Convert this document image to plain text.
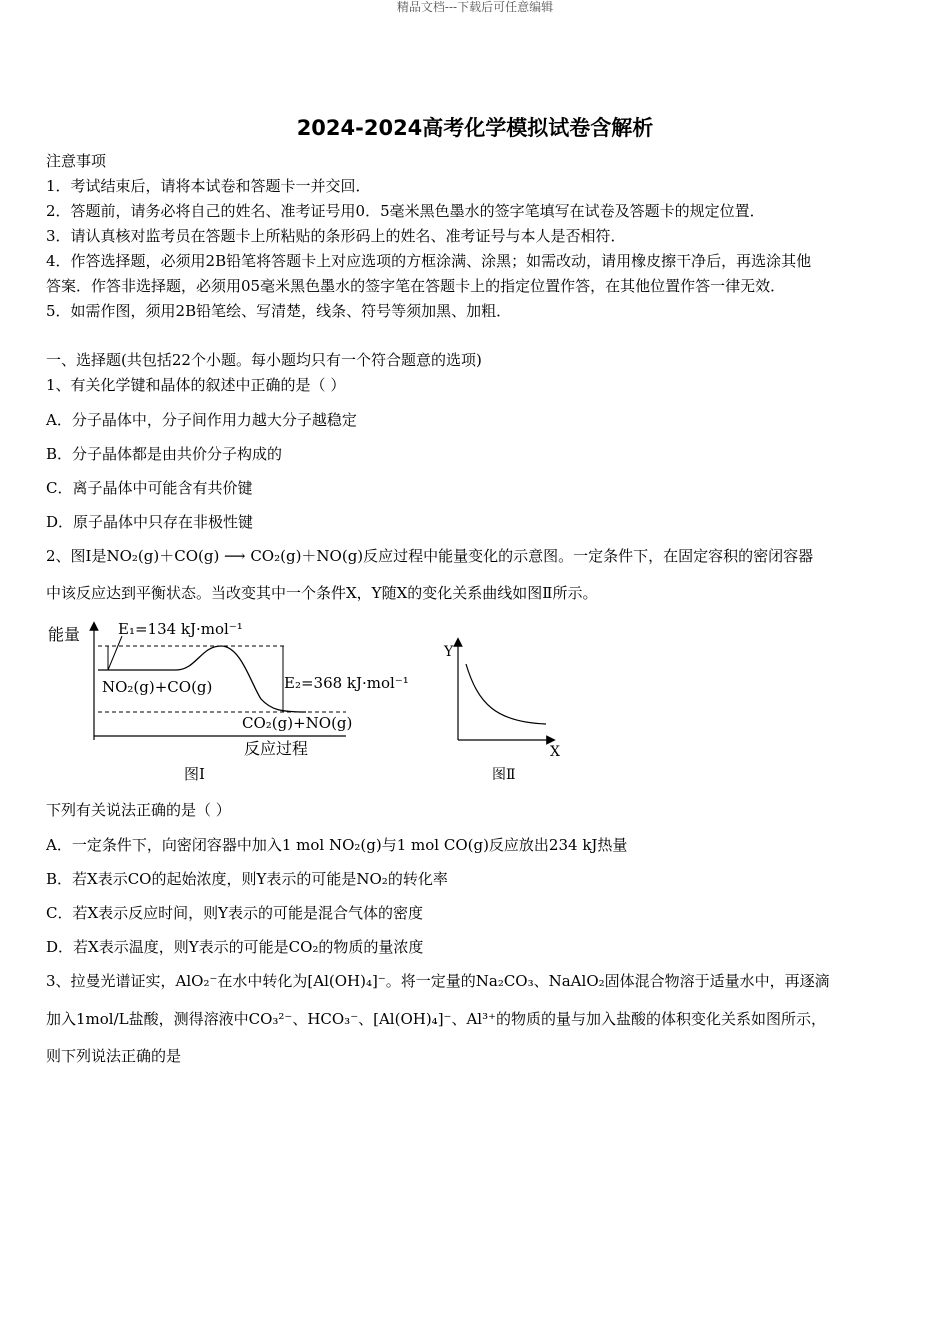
精品文档---下载后可任意编辑
2024-2024高考化学模拟试卷含解析
注意事项
1．考试结束后，请将本试卷和答题卡一并交回．
2．答题前，请务必将自己的姓名、准考证号用0．5毫米黑色墨水的签字笔填写在试卷及答题卡的规定位置．
3．请认真核对监考员在答题卡上所粘贴的条形码上的姓名、准考证号与本人是否相符．
4．作答选择题，必须用2B铅笔将答题卡上对应选项的方框涂满、涂黑；如需改动，请用橡皮擦干净后，再选涂其他
答案．作答非选择题，必须用05毫米黑色墨水的签字笔在答题卡上的指定位置作答，在其他位置作答一律无效．
5．如需作图，须用2B铅笔绘、写清楚，线条、符号等须加黑、加粗．
一、选择题(共包括22个小题。每小题均只有一个符合题意的选项)
1、有关化学键和晶体的叙述中正确的是（ ）
A．分子晶体中，分子间作用力越大分子越稳定
B．分子晶体都是由共价分子构成的
C．离子晶体中可能含有共价键
D．原子晶体中只存在非极性键
2、图Ⅰ是NO₂(g)＋CO(g) ⟶ CO₂(g)＋NO(g)反应过程中能量变化的示意图。一定条件下，在固定容积的密闭容器
中该反应达到平衡状态。当改变其中一个条件X，Y随X的变化关系曲线如图Ⅱ所示。
能量	E₁=134 kJ·mol⁻¹
E₂=368 kJ·mol⁻¹
NO₂(g)+CO(g)
CO₂(g)+NO(g)
反应过程
图Ⅰ
Y
X
图Ⅱ
下列有关说法正确的是（ ）
A．一定条件下，向密闭容器中加入1 mol NO₂(g)与1 mol CO(g)反应放出234 kJ热量
B．若X表示CO的起始浓度，则Y表示的可能是NO₂的转化率
C．若X表示反应时间，则Y表示的可能是混合气体的密度
D．若X表示温度，则Y表示的可能是CO₂的物质的量浓度
3、拉曼光谱证实，AlO₂⁻在水中转化为[Al(OH)₄]⁻。将一定量的Na₂CO₃、NaAlO₂固体混合物溶于适量水中，再逐滴
加入1mol/L盐酸，测得溶液中CO₃²⁻、HCO₃⁻、[Al(OH)₄]⁻、Al³⁺的物质的量与加入盐酸的体积变化关系如图所示，
则下列说法正确的是
